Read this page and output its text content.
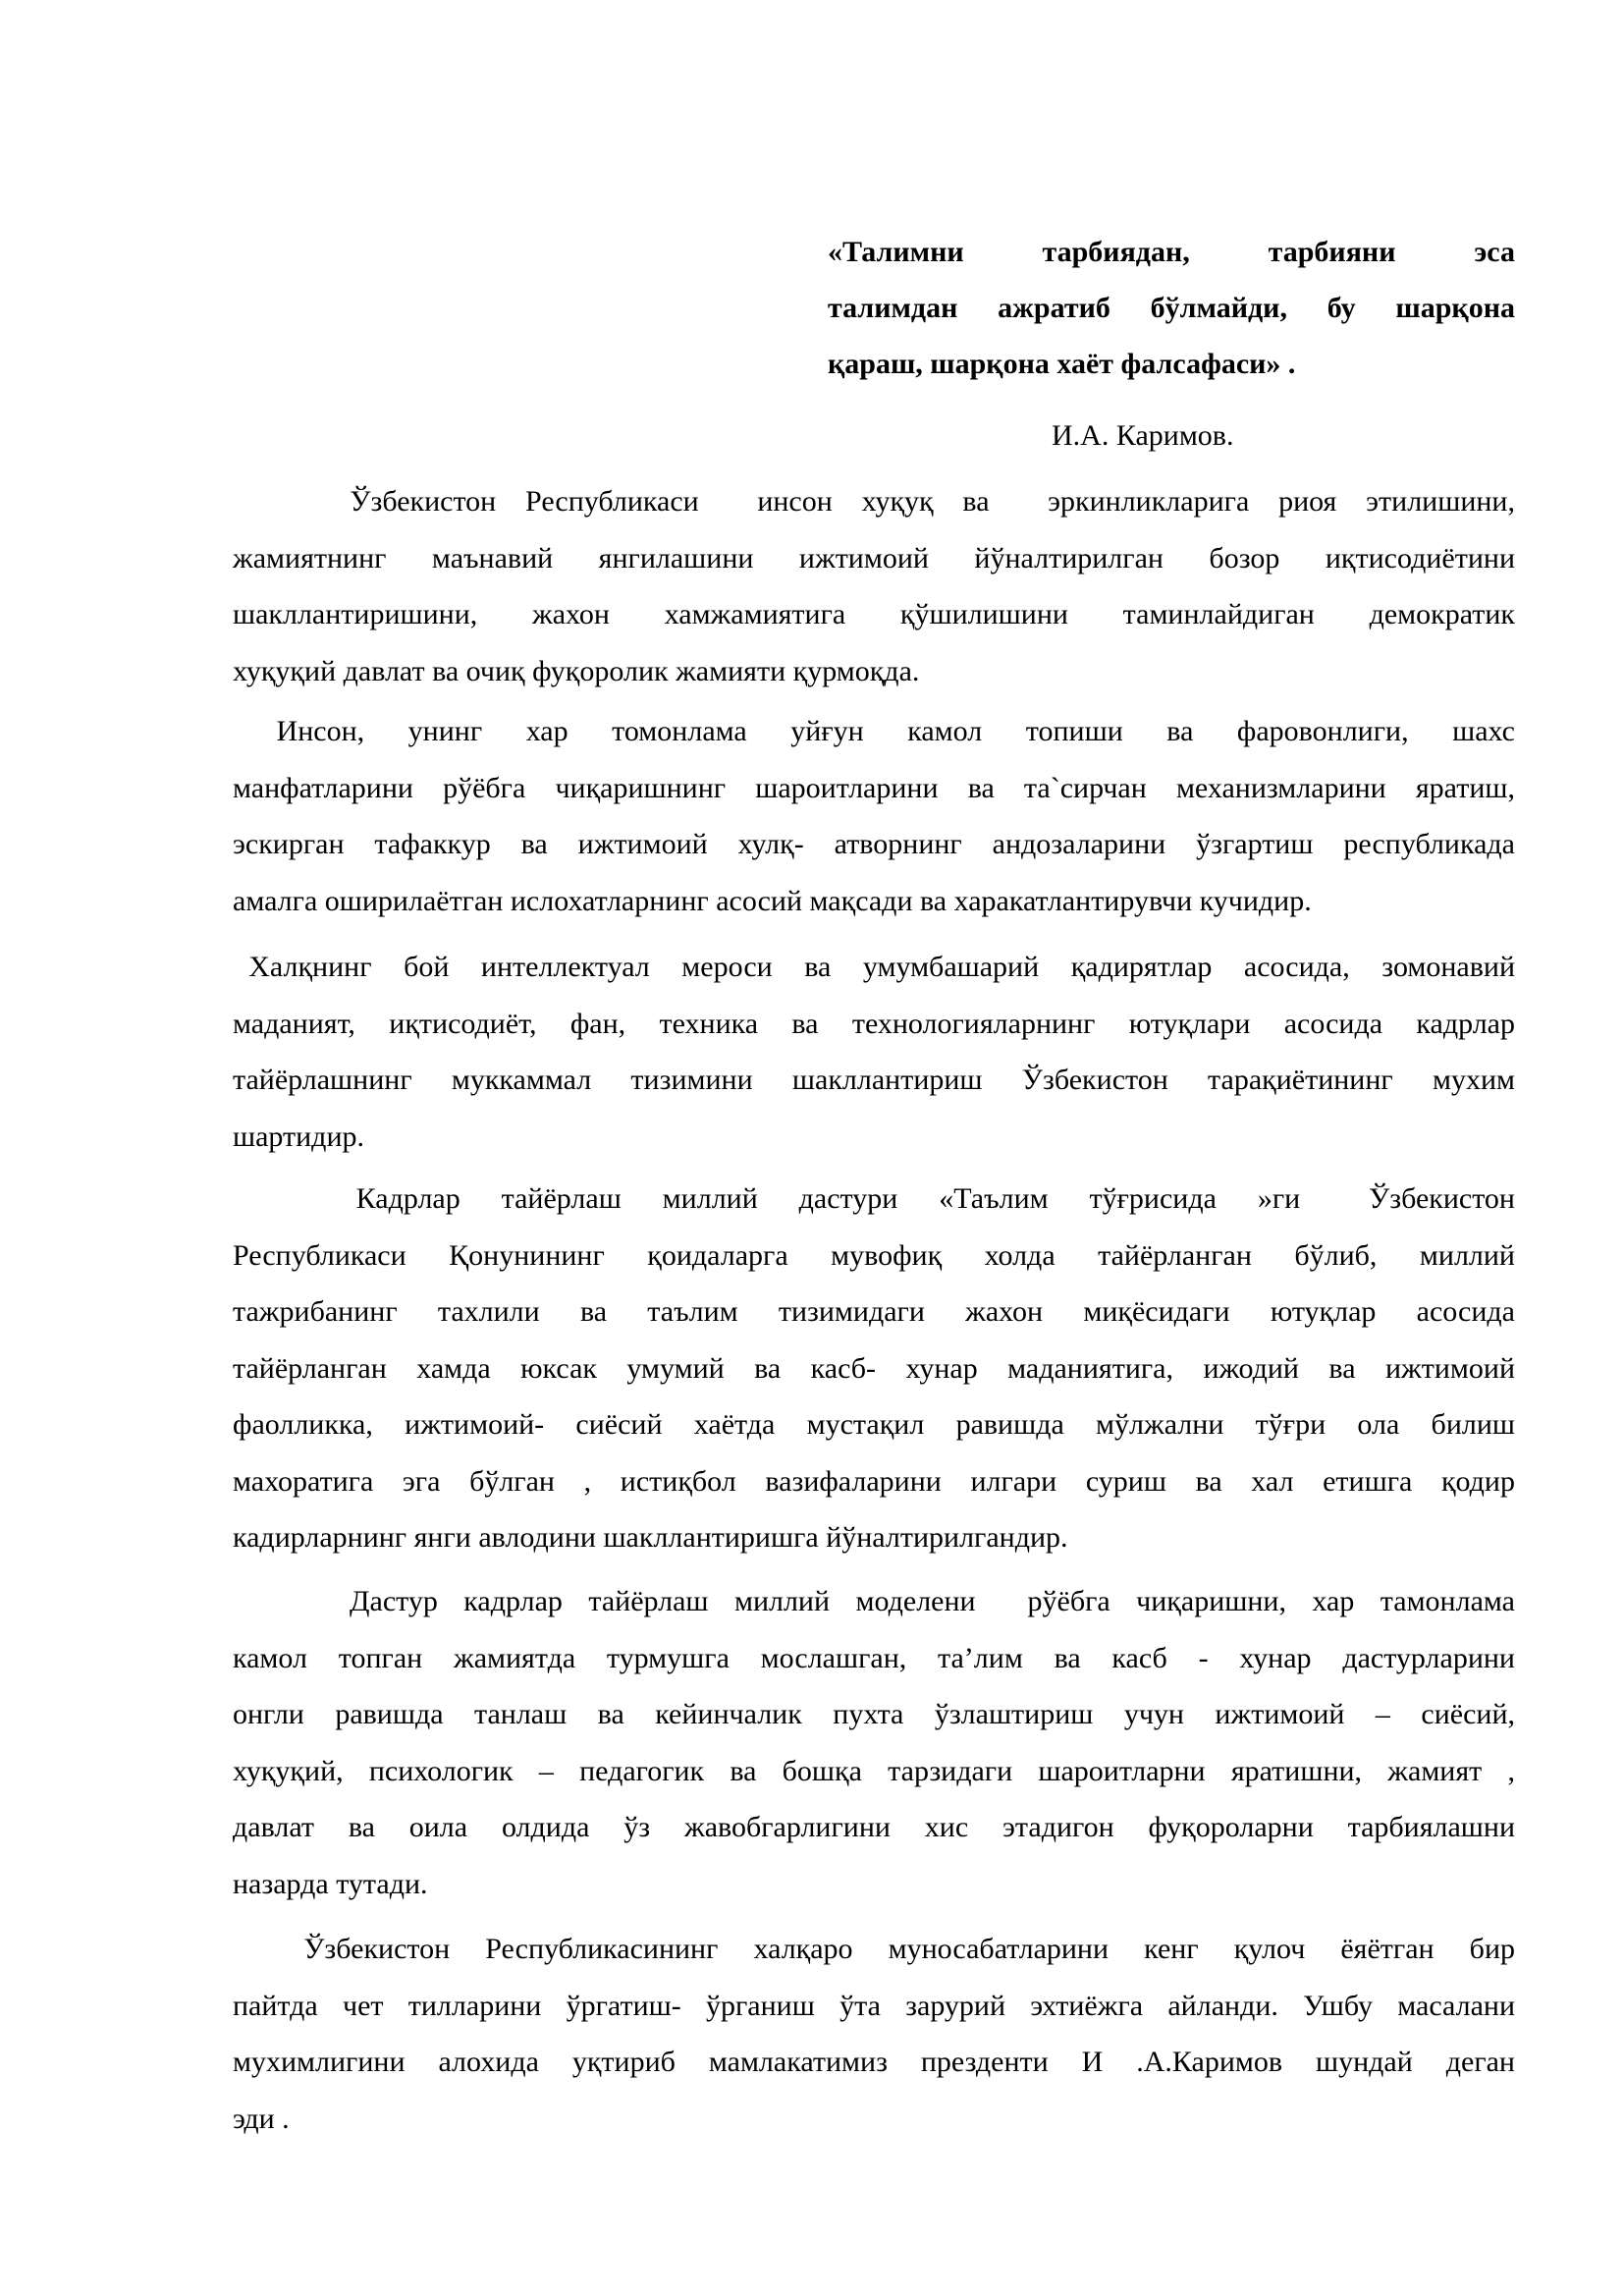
«Талимни тарбиядан, тарбияни эса
талимдан ажратиб бўлмайди, бу шарқона
қараш, шарқона хаёт фалсафаси» .
И.А. Каримов.
Ўзбекистон  Республикаси    инсон  хуқуқ  ва    эркинликларига  риоя  этилишини,
жамиятнинг маънавий янгилашини ижтимоий йўналтирилган бозор иқтисодиётини
шакллантиришини, жахон хамжамиятига қўшилишини таминлайдиган демократик
хуқуқий давлат ва очиқ фуқоролик жамияти қурмоқда.
Инсон,   унинг   хар   томонлама   уйғун   камол   топиши   ва   фаровонлиги,   шахс
манфатларини рўёбга чиқаришнинг шароитларини ва та`сирчан механизмларини яратиш,
эскирган тафаккур ва ижтимоий хулқ- атворнинг андозаларини ўзгартиш республикада
амалга оширилаётган ислохатларнинг асосий мақсади ва харакатлантирувчи кучидир.
Халқнинг  бой  интеллектуал  мероси  ва  умумбашарий  қадирятлар  асосида,  зомонавий
маданият, иқтисодиёт, фан, техника ва технологияларнинг ютуқлари асосида кадрлар
тайёрлашнинг муккаммал тизимини шакллантириш Ўзбекистон тарақиётининг мухим
шартидир.
Кадрлар   тайёрлаш   миллий   дастури   «Таълим   тўғрисида   »ги     Ўзбекистон
Республикаси Қонунининг қоидаларга мувофиқ холда тайёрланган бўлиб, миллий
тажрибанинг тахлили ва таълим тизимидаги жахон миқёсидаги ютуқлар асосида
тайёрланган хамда юксак умумий ва касб- хунар маданиятига, ижодий ва ижтимоий
фаолликка, ижтимоий- сиёсий хаётда мустақил равишда мўлжални тўғри ола билиш
махоратига эга бўлган , истиқбол вазифаларини илгари суриш ва хал етишга қодир
кадирларнинг янги авлодини шакллантиришга йўналтирилгандир.
Дастур  кадрлар  тайёрлаш  миллий  моделени    рўёбга  чиқаришни,  хар  тамонлама
камол топган жамиятда турмушга мослашган, та’лим ва касб - хунар дастурларини
онгли равишда танлаш ва кейинчалик пухта ўзлаштириш учун ижтимоий – сиёсий,
хуқуқий, психологик – педагогик ва бошқа тарзидаги шароитларни яратишни, жамият ,
давлат ва оила олдида ўз жавобгарлигини хис этадигон фуқороларни тарбиялашни
назарда тутади.
Ўзбекистон  Республикасининг  халқаро  муносабатларини  кенг  қулоч  ёяётган  бир
пайтда чет тилларини ўргатиш- ўрганиш ўта зарурий эхтиёжга айланди. Ушбу масалани
мухимлигини алохида уқтириб мамлакатимиз презденти И .А.Каримов шундай деган
эди .
